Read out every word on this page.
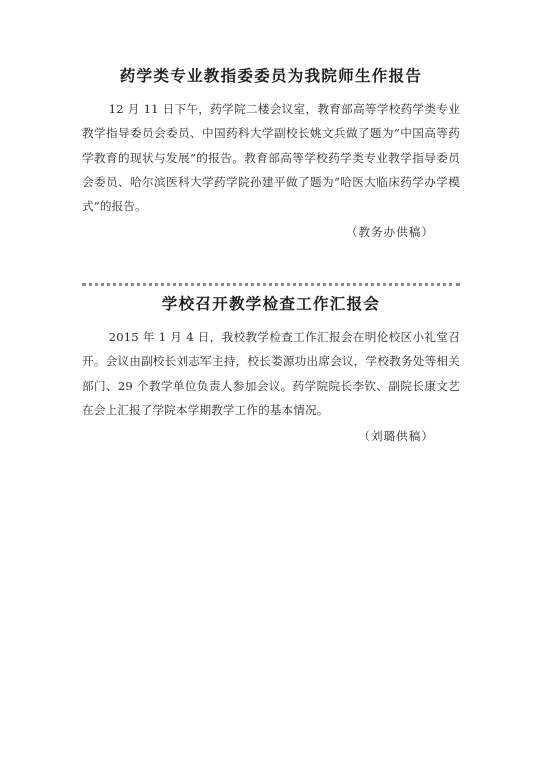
药学类专业教指委委员为我院师生作报告

12 月 11 日下午，药学院二楼会议室，教育部高等学校药学类专业教学指导委员会委员、中国药科大学副校长姚文兵做了题为“中国高等药学教育的现状与发展”的报告。教育部高等学校药学类专业教学指导委员会委员、哈尔滨医科大学药学院孙建平做了题为“哈医大临床药学办学模式”的报告。

（教务办供稿）
学校召开教学检查工作汇报会

2015 年 1 月 4 日，我校教学检查工作汇报会在明伦校区小礼堂召开。会议由副校长刘志军主持，校长娄源功出席会议，学校教务处等相关部门、29 个教学单位负责人参加会议。药学院院长李钦、副院长康文艺在会上汇报了学院本学期教学工作的基本情况。

（刘璐供稿）
